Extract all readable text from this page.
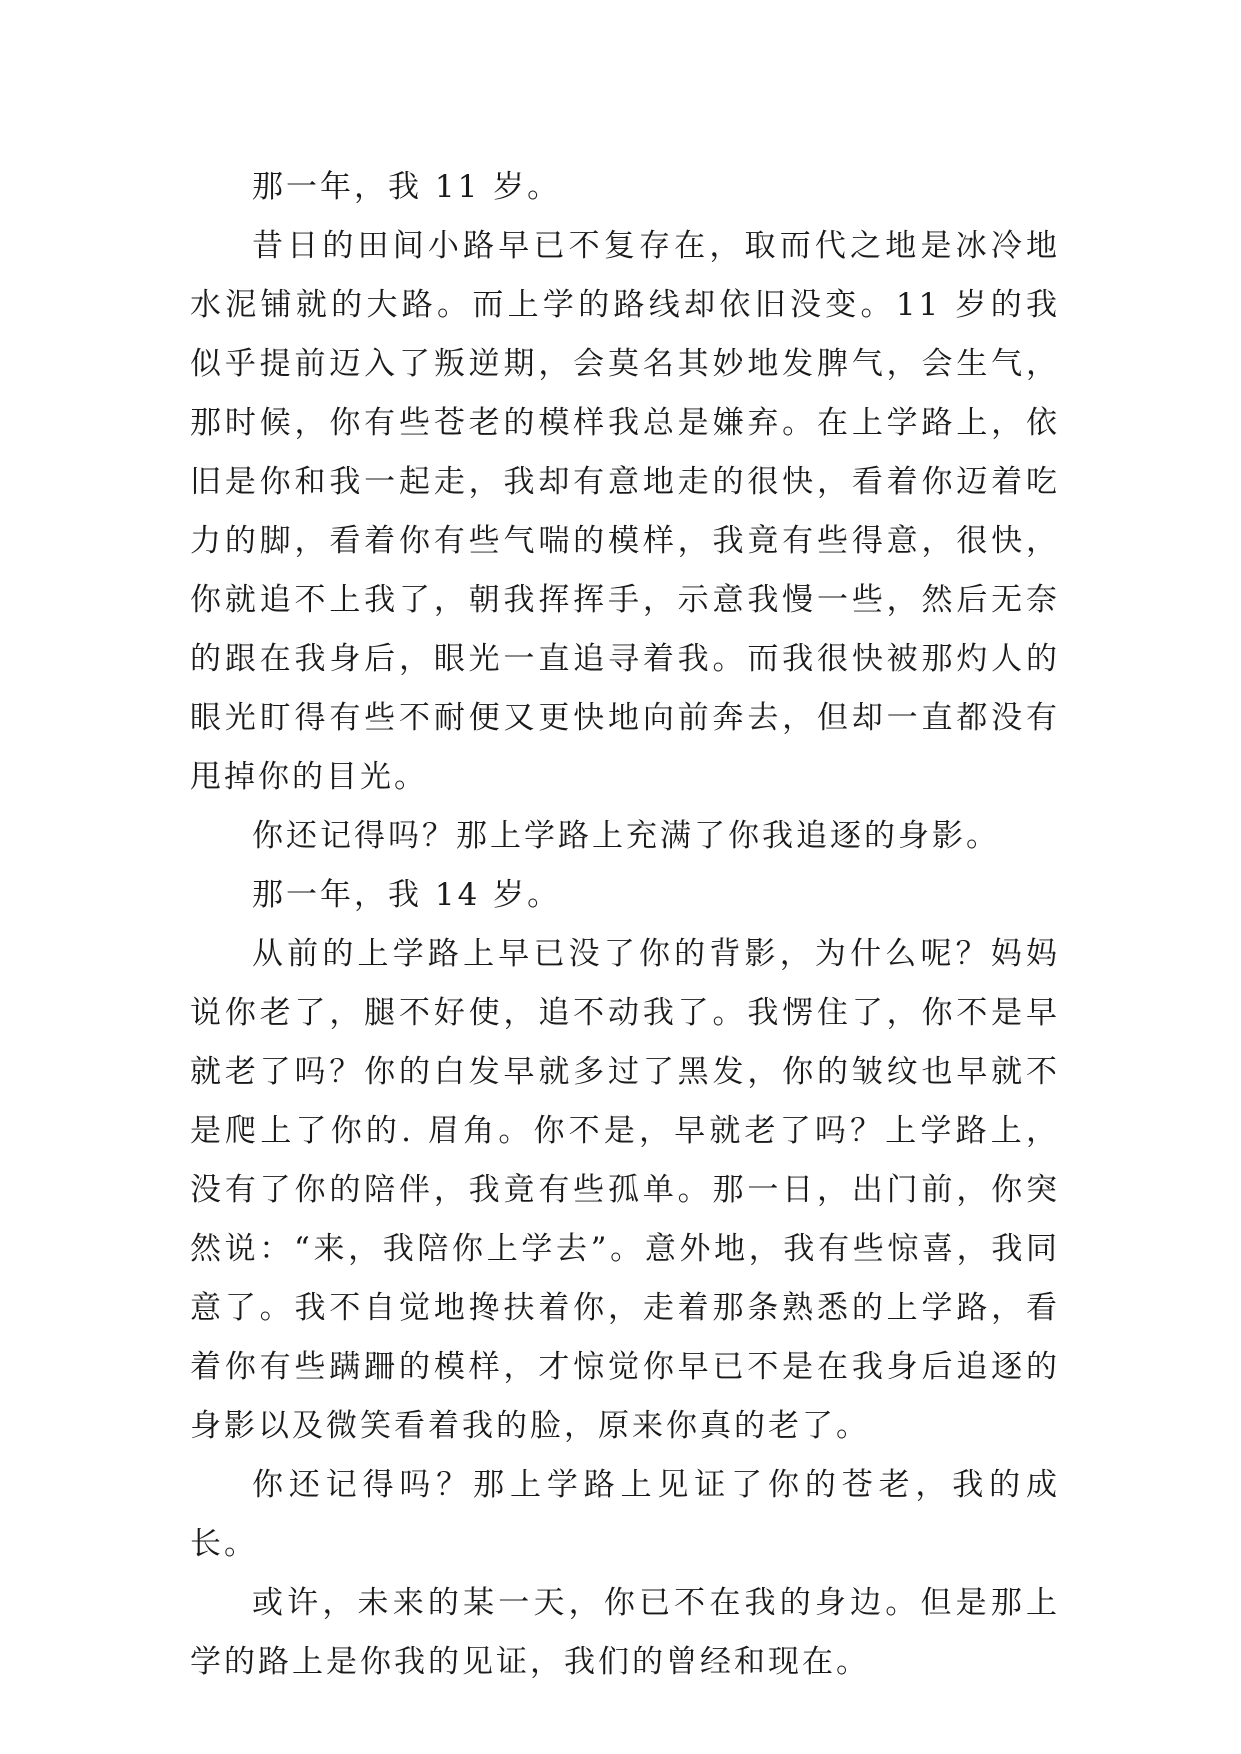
那一年，我 11 岁。

昔日的田间小路早已不复存在，取而代之地是冰冷地水泥铺就的大路。而上学的路线却依旧没变。11 岁的我似乎提前迈入了叛逆期，会莫名其妙地发脾气，会生气，那时候，你有些苍老的模样我总是嫌弃。在上学路上，依旧是你和我一起走，我却有意地走的很快，看着你迈着吃力的脚，看着你有些气喘的模样，我竟有些得意，很快，你就追不上我了，朝我挥挥手，示意我慢一些，然后无奈的跟在我身后，眼光一直追寻着我。而我很快被那灼人的眼光盯得有些不耐便又更快地向前奔去，但却一直都没有甩掉你的目光。

你还记得吗？那上学路上充满了你我追逐的身影。

那一年，我 14 岁。

从前的上学路上早已没了你的背影，为什么呢？妈妈说你老了，腿不好使，追不动我了。我愣住了，你不是早就老了吗？你的白发早就多过了黑发，你的皱纹也早就不是爬上了你的. 眉角。你不是，早就老了吗？上学路上，没有了你的陪伴，我竟有些孤单。那一日，出门前，你突然说：“来，我陪你上学去”。意外地，我有些惊喜，我同意了。我不自觉地搀扶着你，走着那条熟悉的上学路，看着你有些蹒跚的模样，才惊觉你早已不是在我身后追逐的身影以及微笑看着我的脸，原来你真的老了。

你还记得吗？那上学路上见证了你的苍老，我的成长。

或许，未来的某一天，你已不在我的身边。但是那上学的路上是你我的见证，我们的曾经和现在。
